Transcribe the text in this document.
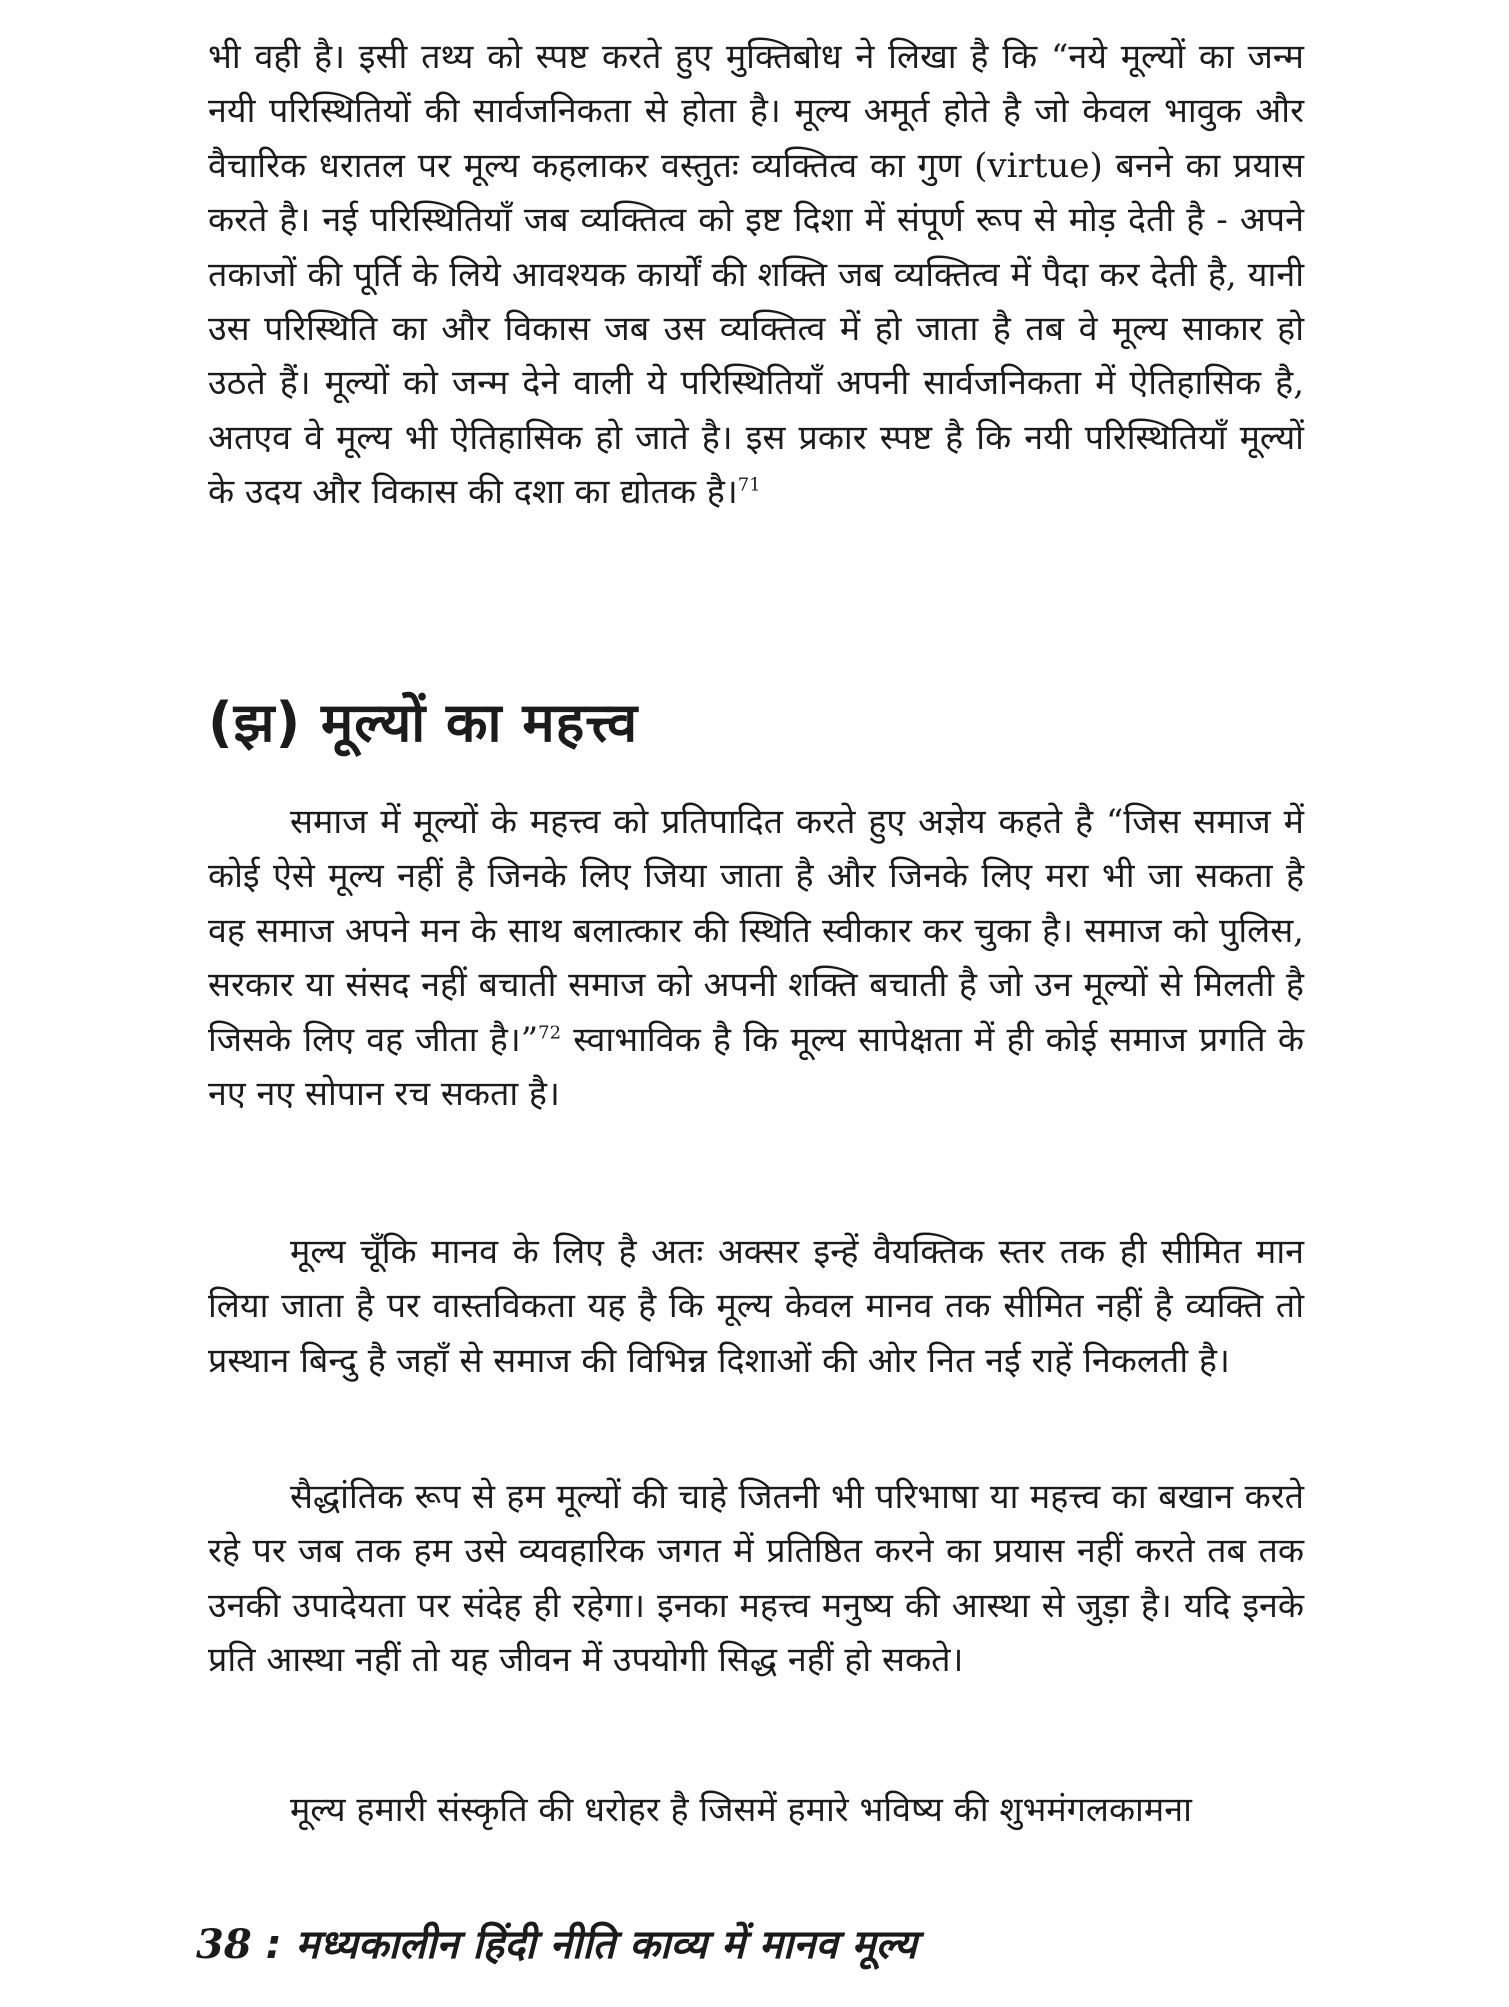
भी वही है। इसी तथ्य को स्पष्ट करते हुए मुक्तिबोध ने लिखा है कि “नये मूल्यों का जन्म नयी परिस्थितियों की सार्वजनिकता से होता है। मूल्य अमूर्त होते है जो केवल भावुक और वैचारिक धरातल पर मूल्य कहलाकर वस्तुतः व्यक्तित्व का गुण (virtue) बनने का प्रयास करते है। नई परिस्थितियाँ जब व्यक्तित्व को इष्ट दिशा में संपूर्ण रूप से मोड़ देती है - अपने तकाजों की पूर्ति के लिये आवश्यक कार्यों की शक्ति जब व्यक्तित्व में पैदा कर देती है, यानी उस परिस्थिति का और विकास जब उस व्यक्तित्व में हो जाता है तब वे मूल्य साकार हो उठते हैं। मूल्यों को जन्म देने वाली ये परिस्थितियाँ अपनी सार्वजनिकता में ऐतिहासिक है, अतएव वे मूल्य भी ऐतिहासिक हो जाते है। इस प्रकार स्पष्ट है कि नयी परिस्थितियाँ मूल्यों के उदय और विकास की दशा का द्योतक है।$^{71}$

(झ) मूल्यों का महत्त्व

समाज में मूल्यों के महत्त्व को प्रतिपादित करते हुए अज्ञेय कहते है “जिस समाज में कोई ऐसे मूल्य नहीं है जिनके लिए जिया जाता है और जिनके लिए मरा भी जा सकता है वह समाज अपने मन के साथ बलात्कार की स्थिति स्वीकार कर चुका है। समाज को पुलिस, सरकार या संसद नहीं बचाती समाज को अपनी शक्ति बचाती है जो उन मूल्यों से मिलती है जिसके लिए वह जीता है।”$^{72}$ स्वाभाविक है कि मूल्य सापेक्षता में ही कोई समाज प्रगति के नए नए सोपान रच सकता है।

मूल्य चूँकि मानव के लिए है अतः अक्सर इन्हें वैयक्तिक स्तर तक ही सीमित मान लिया जाता है पर वास्तविकता यह है कि मूल्य केवल मानव तक सीमित नहीं है व्यक्ति तो प्रस्थान बिन्दु है जहाँ से समाज की विभिन्न दिशाओं की ओर नित नई राहें निकलती है।

सैद्धांतिक रूप से हम मूल्यों की चाहे जितनी भी परिभाषा या महत्त्व का बखान करते रहे पर जब तक हम उसे व्यवहारिक जगत में प्रतिष्ठित करने का प्रयास नहीं करते तब तक उनकी उपादेयता पर संदेह ही रहेगा। इनका महत्त्व मनुष्य की आस्था से जुड़ा है। यदि इनके प्रति आस्था नहीं तो यह जीवन में उपयोगी सिद्ध नहीं हो सकते।

मूल्य हमारी संस्कृति की धरोहर है जिसमें हमारे भविष्य की शुभमंगलकामना

38 : मध्यकालीन हिंदी नीति काव्य में मानव मूल्य
